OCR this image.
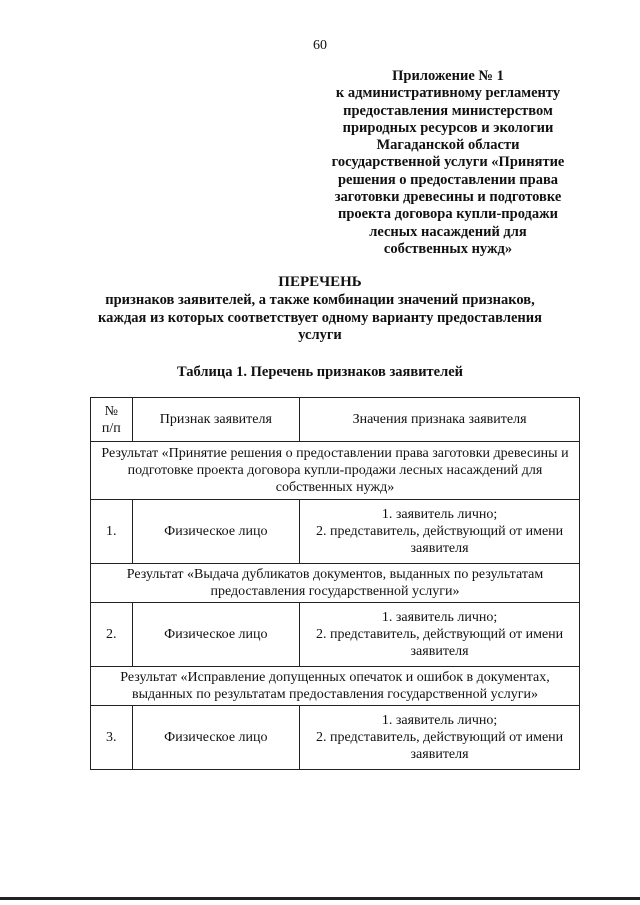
60
Приложение № 1
к административному регламенту
предоставления министерством
природных ресурсов и экологии
Магаданской области
государственной услуги «Принятие
решения о предоставлении права
заготовки древесины и подготовке
проекта договора купли-продажи
лесных насаждений для
собственных нужд»
ПЕРЕЧЕНЬ
признаков заявителей, а также комбинации значений признаков,
каждая из которых соответствует одному варианту предоставления
услуги
Таблица 1. Перечень признаков заявителей
№
п/п	Признак заявителя	Значения признака заявителя
Результат «Принятие решения о предоставлении права заготовки древесины и подготовке проекта договора купли-продажи лесных насаждений для собственных нужд»		
1.	Физическое лицо	1. заявитель лично;
2. представитель, действующий от имени
заявителя

Результат «Выдача дубликатов документов, выданных по результатам предоставления государственной услуги»		
2.	Физическое лицо	1. заявитель лично;
2. представитель, действующий от имени
заявителя

Результат «Исправление допущенных опечаток и ошибок в документах, выданных по результатам предоставления государственной услуги»		
3.	Физическое лицо	1. заявитель лично;
2. представитель, действующий от имени
заявителя
